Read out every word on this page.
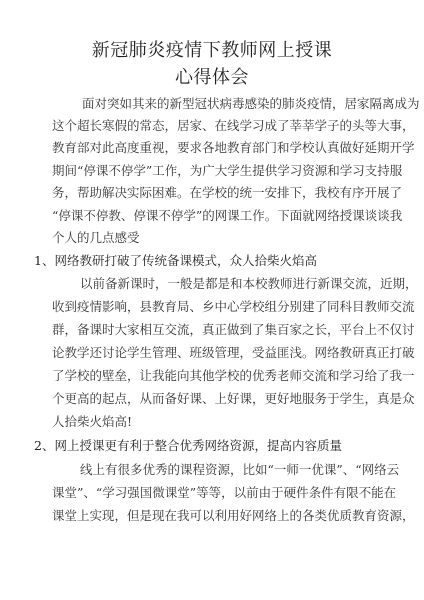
新冠肺炎疫情下教师网上授课
心得体会
面对突如其来的新型冠状病毒感染的肺炎疫情，居家隔离成为
这个超长寒假的常态，居家、在线学习成了莘莘学子的头等大事，
教育部对此高度重视，要求各地教育部门和学校认真做好延期开学
期间“停课不停学”工作，为广大学生提供学习资源和学习支持服
务，帮助解决实际困难。在学校的统一安排下，我校有序开展了
“停课不停教、停课不停学”的网课工作。下面就网络授课谈谈我
个人的几点感受
1、网络教研打破了传统备课模式，众人拾柴火焰高
以前备新课时，一般是都是和本校教师进行新课交流，近期，
收到疫情影响，县教育局、乡中心学校组分别建了同科目教师交流
群，备课时大家相互交流，真正做到了集百家之长，平台上不仅讨
论教学还讨论学生管理、班级管理，受益匪浅。网络教研真正打破
了学校的壁垒，让我能向其他学校的优秀老师交流和学习给了我一
个更高的起点，从而备好课、上好课，更好地服务于学生，真是众
人拾柴火焰高!
2、网上授课更有利于整合优秀网络资源，提高内容质量
线上有很多优秀的课程资源，比如“一师一优课”、“网络云
课堂”、“学习强国微课堂”等等，以前由于硬件条件有限不能在
课堂上实现，但是现在我可以利用好网络上的各类优质教育资源，
